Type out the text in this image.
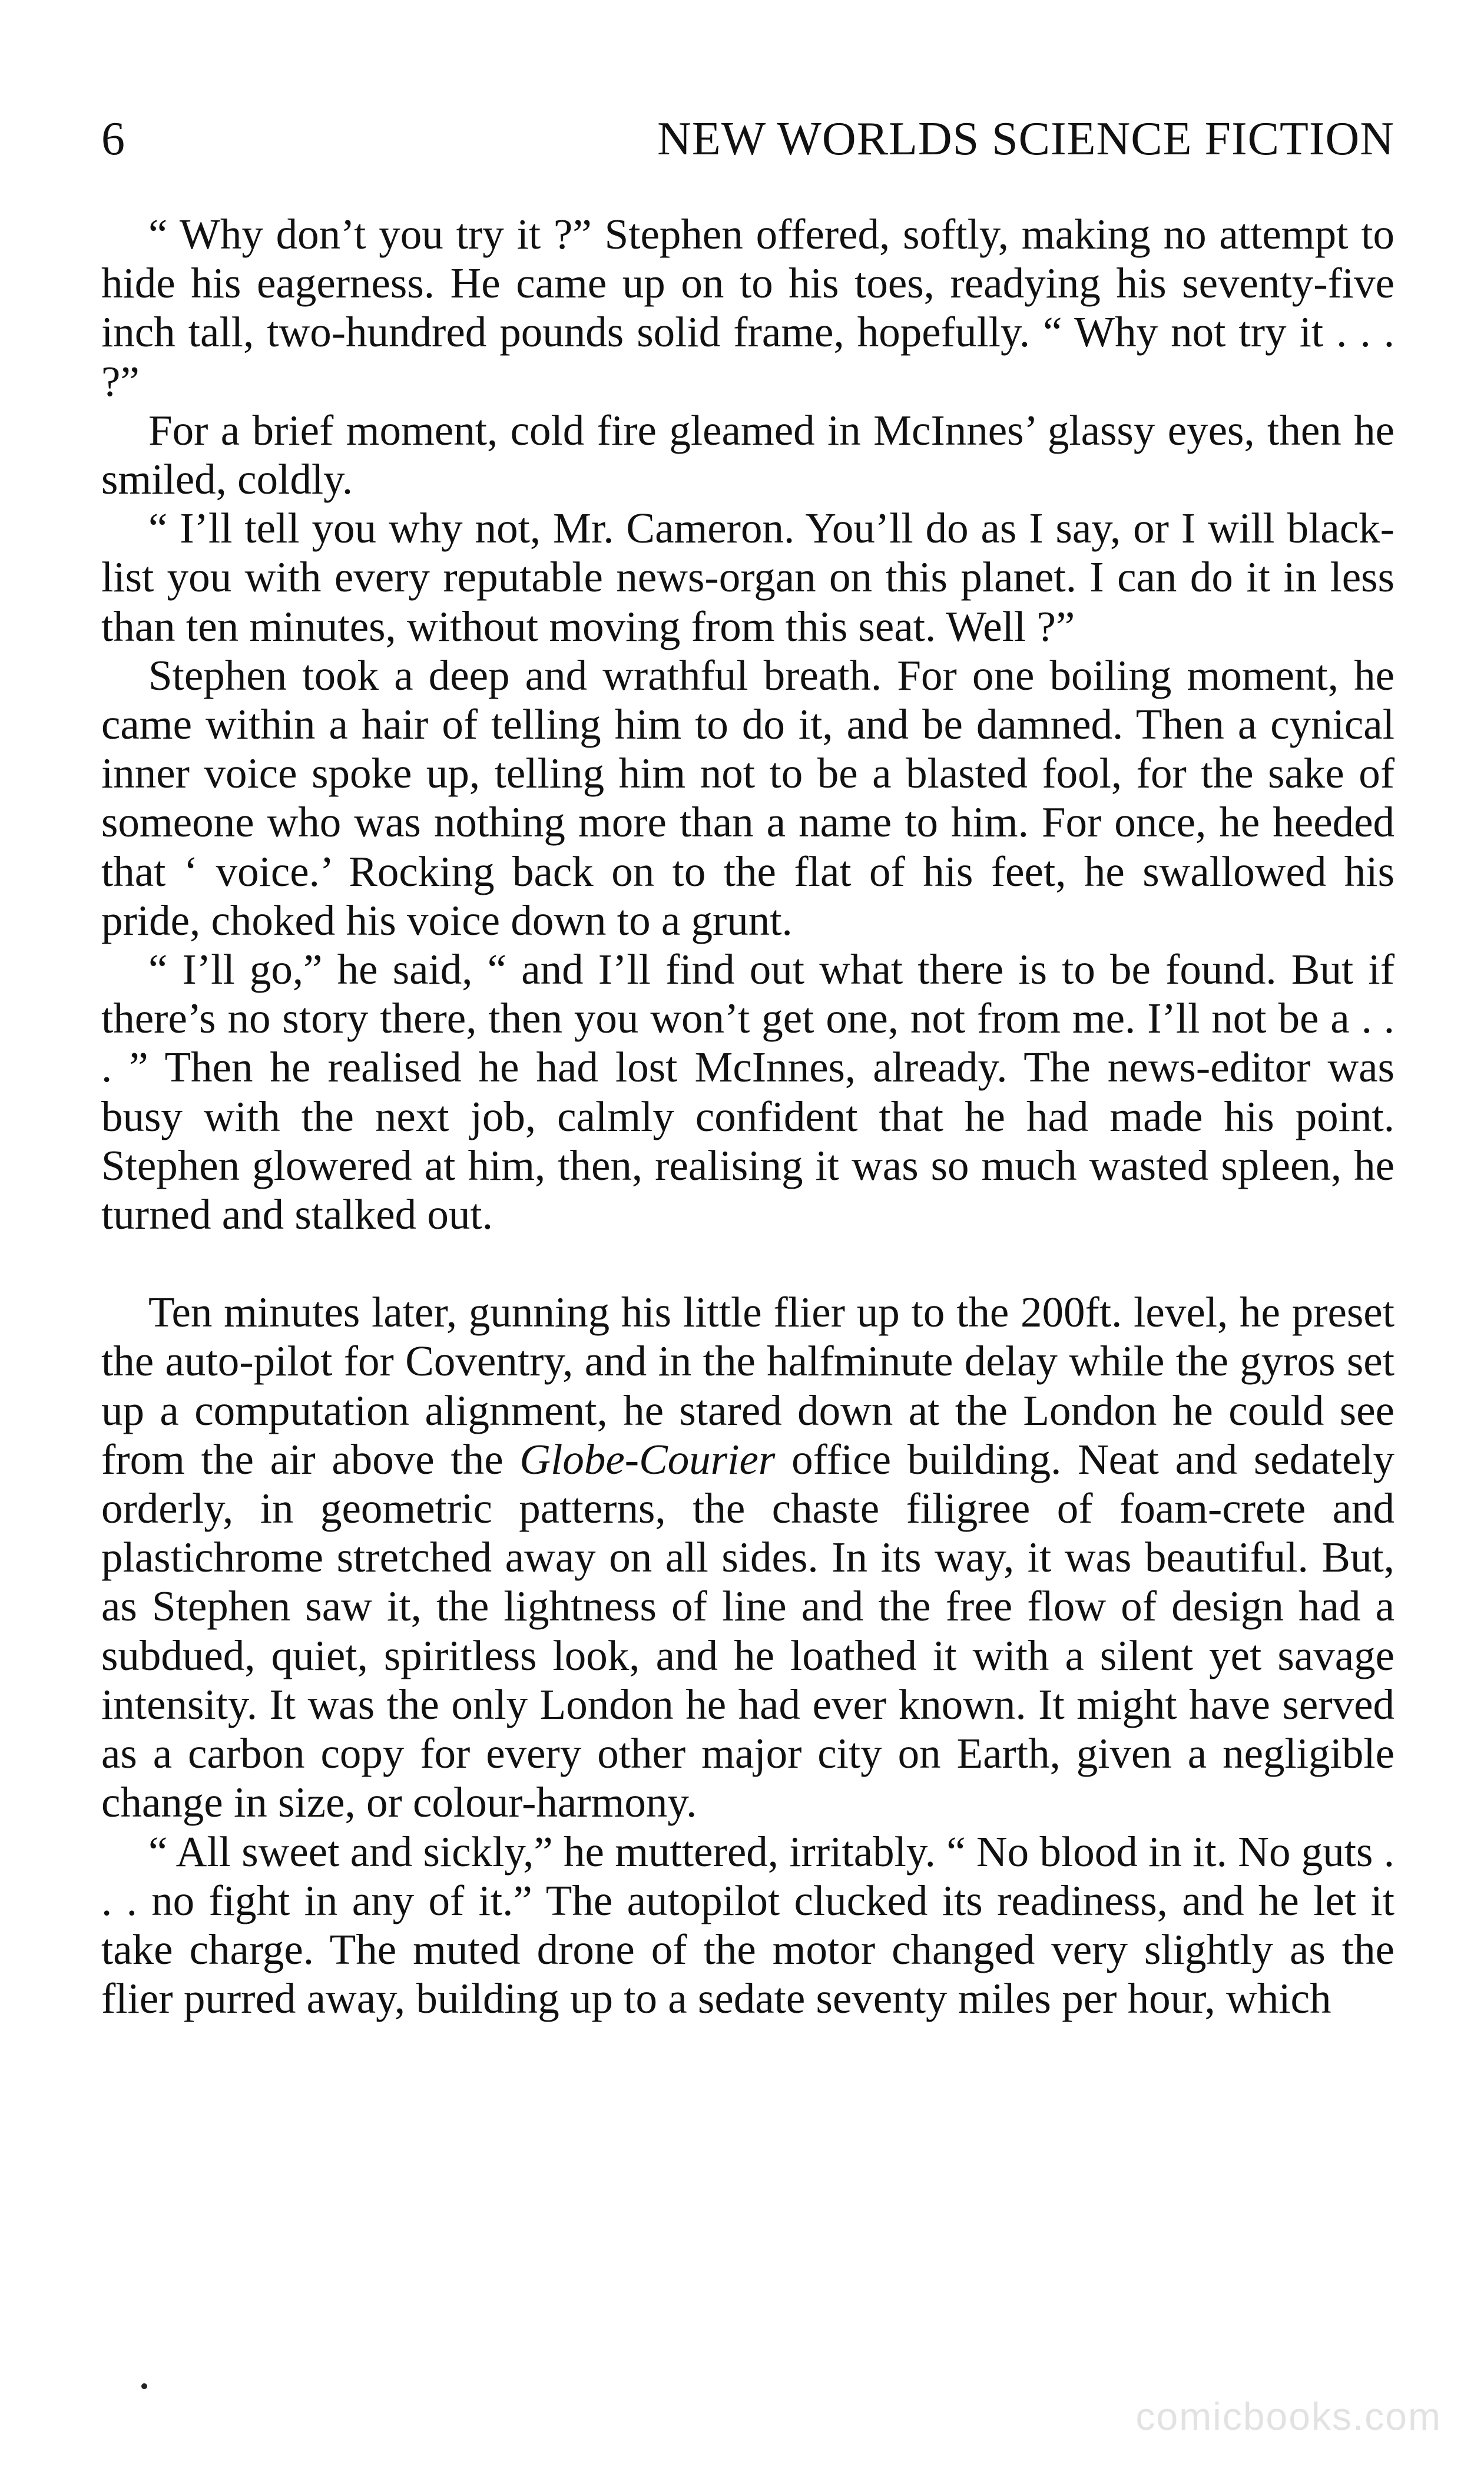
6	NEW WORLDS SCIENCE FICTION

“ Why don’t you try it ?” Stephen offered, softly, making no attempt to hide his eagerness. He came up on to his toes, readying his seventy-five inch tall, two-hundred pounds solid frame, hopefully. “ Why not try it . . . ?”

For a brief moment, cold fire gleamed in McInnes’ glassy eyes, then he smiled, coldly.

“ I’ll tell you why not, Mr. Cameron. You’ll do as I say, or I will black-list you with every reputable news-organ on this planet. I can do it in less than ten minutes, without moving from this seat. Well ?”

Stephen took a deep and wrathful breath. For one boiling moment, he came within a hair of telling him to do it, and be damned. Then a cynical inner voice spoke up, telling him not to be a blasted fool, for the sake of someone who was nothing more than a name to him. For once, he heeded that ‘ voice.’ Rocking back on to the flat of his feet, he swallowed his pride, choked his voice down to a grunt.

“ I’ll go,” he said, “ and I’ll find out what there is to be found. But if there’s no story there, then you won’t get one, not from me. I’ll not be a . . . ” Then he realised he had lost McInnes, already. The news-editor was busy with the next job, calmly confident that he had made his point. Stephen glowered at him, then, realising it was so much wasted spleen, he turned and stalked out.

Ten minutes later, gunning his little flier up to the 200ft. level, he preset the auto-pilot for Coventry, and in the halfminute delay while the gyros set up a computation alignment, he stared down at the London he could see from the air above the Globe-Courier office building. Neat and sedately orderly, in geometric patterns, the chaste filigree of foam-crete and plastichrome stretched away on all sides. In its way, it was beautiful. But, as Stephen saw it, the lightness of line and the free flow of design had a subdued, quiet, spiritless look, and he loathed it with a silent yet savage intensity. It was the only London he had ever known. It might have served as a carbon copy for every other major city on Earth, given a negligible change in size, or colour-harmony.

“ All sweet and sickly,” he muttered, irritably. “ No blood in it. No guts . . . no fight in any of it.” The autopilot clucked its readiness, and he let it take charge. The muted drone of the motor changed very slightly as the flier purred away, building up to a sedate seventy miles per hour, which

comicbooks.com
